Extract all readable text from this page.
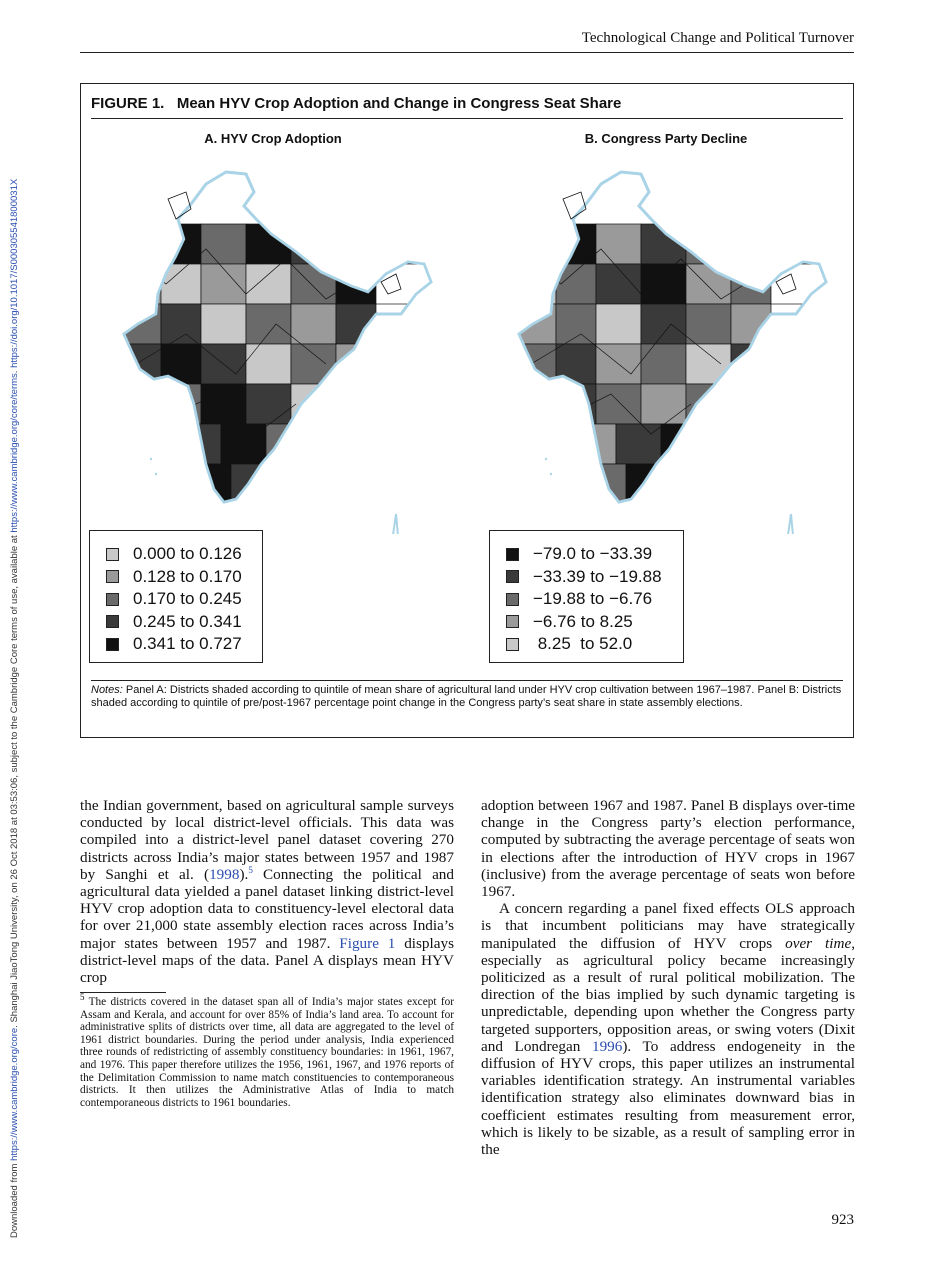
Technological Change and Political Turnover
Downloaded from https://www.cambridge.org/core. Shanghai JiaoTong University, on 26 Oct 2018 at 03:53:06, subject to the Cambridge Core terms of use, available at https://www.cambridge.org/core/terms. https://doi.org/10.1017/S000305541800031X
FIGURE 1.   Mean HYV Crop Adoption and Change in Congress Seat Share
A. HYV Crop Adoption	B. Congress Party Decline
0.000 to 0.126
0.128 to 0.170
0.170 to 0.245
0.245 to 0.341
0.341 to 0.727
−79.0 to −33.39
−33.39 to −19.88
−19.88 to −6.76
−6.76 to 8.25
8.25  to 52.0
Notes: Panel A: Districts shaded according to quintile of mean share of agricultural land under HYV crop cultivation between 1967–1987. Panel B: Districts shaded according to quintile of pre/post-1967 percentage point change in the Congress party’s seat share in state assembly elections.

the Indian government, based on agricultural sample surveys conducted by local district-level officials. This data was compiled into a district-level panel dataset covering 270 districts across India’s major states between 1957 and 1987 by Sanghi et al. (1998).$^5$ Connecting the political and agricultural data yielded a panel dataset linking district-level HYV crop adoption data to constituency-level electoral data for over 21,000 state assembly election races across India’s major states between 1957 and 1987. Figure 1 displays district-level maps of the data. Panel A displays mean HYV crop

$^5$ The districts covered in the dataset span all of India’s major states except for Assam and Kerala, and account for over 85% of India’s land area. To account for administrative splits of districts over time, all data are aggregated to the level of 1961 district boundaries. During the period under analysis, India experienced three rounds of redistricting of assembly constituency boundaries: in 1961, 1967, and 1976. This paper therefore utilizes the 1956, 1961, 1967, and 1976 reports of the Delimitation Commission to name match constituencies to contemporaneous districts. It then utilizes the Administrative Atlas of India to match contemporaneous districts to 1961 boundaries.

adoption between 1967 and 1987. Panel B displays over-time change in the Congress party’s election performance, computed by subtracting the average percentage of seats won in elections after the introduction of HYV crops in 1967 (inclusive) from the average percentage of seats won before 1967.

A concern regarding a panel fixed effects OLS approach is that incumbent politicians may have strategically manipulated the diffusion of HYV crops over time, especially as agricultural policy became increasingly politicized as a result of rural political mobilization. The direction of the bias implied by such dynamic targeting is unpredictable, depending upon whether the Congress party targeted supporters, opposition areas, or swing voters (Dixit and Londregan 1996). To address endogeneity in the diffusion of HYV crops, this paper utilizes an instrumental variables identification strategy. An instrumental variables identification strategy also eliminates downward bias in coefficient estimates resulting from measurement error, which is likely to be sizable, as a result of sampling error in the

923
